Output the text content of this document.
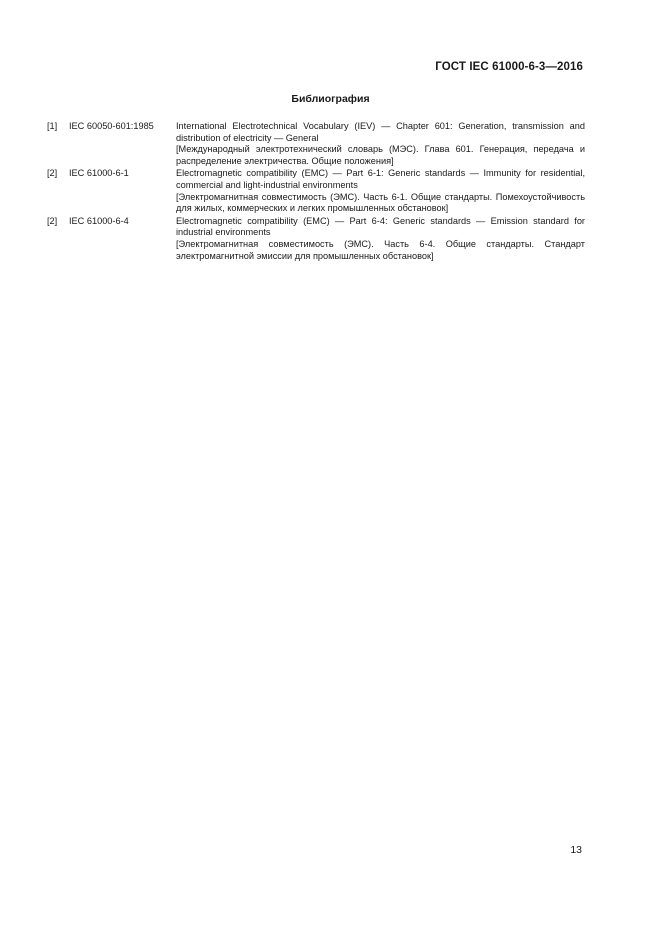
ГОСТ IEC 61000-6-3—2016
Библиография
[1]	IEC 60050-601:1985	International Electrotechnical Vocabulary (IEV) — Chapter 601: Generation, transmission and distribution of electricity — General

[Международный электротехнический словарь (МЭС). Глава 601. Генерация, передача и распределение электричества. Общие положения]

[2]	IEC 61000-6-1	Electromagnetic compatibility (EMC) — Part 6-1: Generic standards — Immunity for residential, commercial and light-industrial environments

[Электромагнитная совместимость (ЭМС). Часть 6-1. Общие стандарты. Помехоустойчивость для жилых, коммерческих и легких промышленных обстановок]

[2]	IEC 61000-6-4	Electromagnetic compatibility (EMC) — Part 6-4: Generic standards — Emission standard for industrial environments

[Электромагнитная совместимость (ЭМС). Часть 6-4. Общие стандарты. Стандарт электромагнитной эмиссии для промышленных обстановок]

13
